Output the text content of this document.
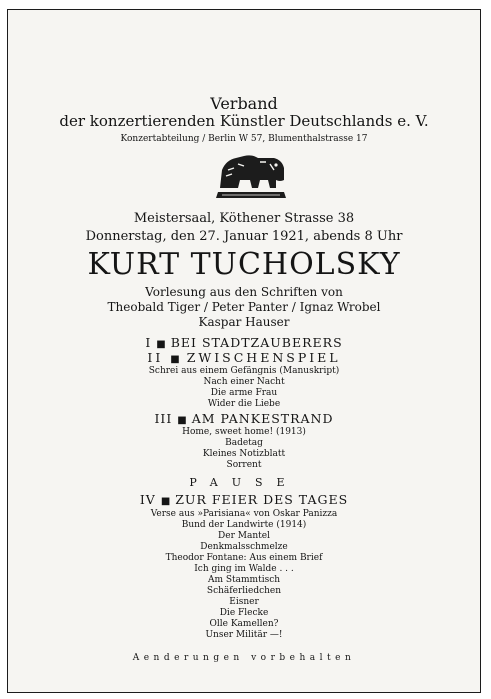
Verband
der konzertierenden Künstler Deutschlands e. V.
Konzertabteilung / Berlin W 57, Blumenthalstrasse 17
Meistersaal, Köthener Strasse 38
Donnerstag, den 27. Januar 1921, abends 8 Uhr
KURT TUCHOLSKY
Vorlesung aus den Schriften von
Theobald Tiger / Peter Panter / Ignaz Wrobel
Kaspar Hauser
I ■ BEI STADTZAUBERERS
II ■ ZWISCHENSPIEL
Schrei aus einem Gefängnis (Manuskript)
Nach einer Nacht
Die arme Frau
Wider die Liebe
III ■ AM PANKESTRAND
Home, sweet home! (1913)
Badetag
Kleines Notizblatt
Sorrent
PAUSE
IV ■ ZUR FEIER DES TAGES
Verse aus »Parisiana« von Oskar Panizza
Bund der Landwirte (1914)
Der Mantel
Denkmalsschmelze
Theodor Fontane: Aus einem Brief
Ich ging im Walde . . .
Am Stammtisch
Schäferliedchen
Eisner
Die Flecke
Olle Kamellen?
Unser Militär —!
Aenderungen vorbehalten
